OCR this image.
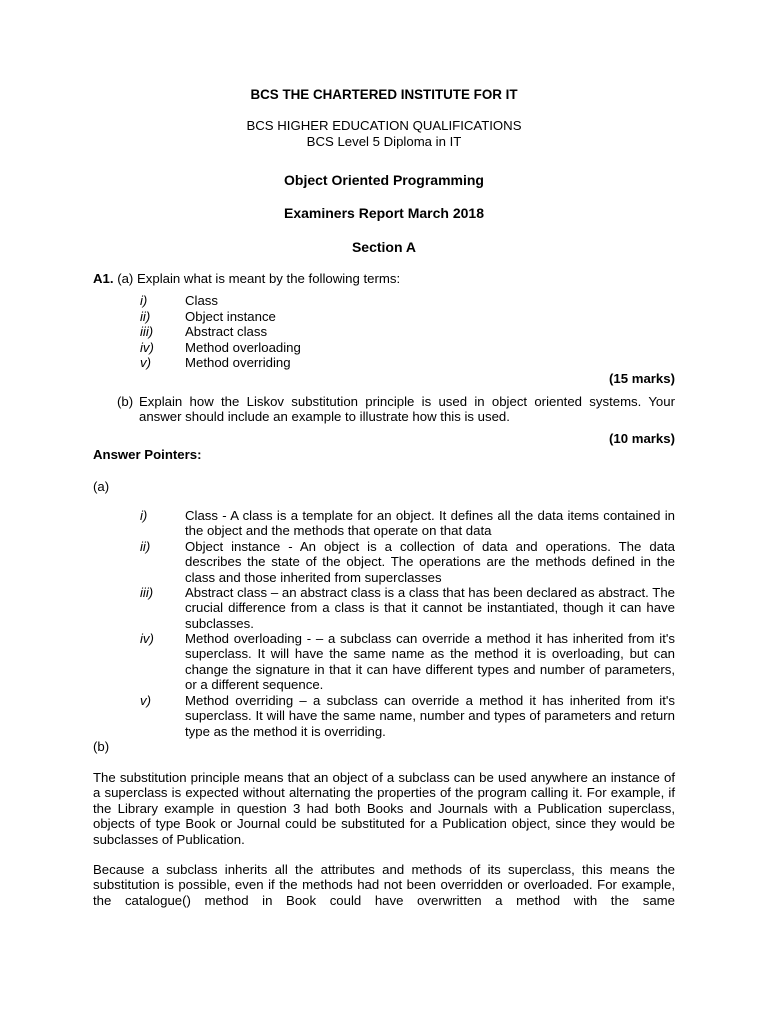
BCS THE CHARTERED INSTITUTE FOR IT
BCS HIGHER EDUCATION QUALIFICATIONS
BCS Level 5 Diploma in IT
Object Oriented Programming
Examiners Report March 2018
Section A
A1. (a) Explain what is meant by the following terms:
i)	Class
ii)	Object instance
iii) Abstract class
iv) Method overloading
v)	Method overriding
(15 marks)
(b) Explain how the Liskov substitution principle is used in object oriented systems. Your answer should include an example to illustrate how this is used.
(10 marks)
Answer Pointers:
(a)
i)	Class - A class is a template for an object. It defines all the data items contained in the object and the methods that operate on that data
ii)	Object instance - An object is a collection of data and operations. The data describes the state of the object. The operations are the methods defined in the class and those inherited from superclasses
iii) Abstract class – an abstract class is a class that has been declared as abstract. The crucial difference from a class is that it cannot be instantiated, though it can have subclasses.
iv) Method overloading - – a subclass can override a method it has inherited from it's superclass. It will have the same name as the method it is overloading, but can change the signature in that it can have different types and number of parameters, or a different sequence.
v)	Method overriding – a subclass can override a method it has inherited from it's superclass. It will have the same name, number and types of parameters and return type as the method it is overriding.
(b)
The substitution principle means that an object of a subclass can be used anywhere an instance of a superclass is expected without alternating the properties of the program calling it. For example, if the Library example in question 3 had both Books and Journals with a Publication superclass, objects of type Book or Journal could be substituted for a Publication object, since they would be subclasses of Publication.
Because a subclass inherits all the attributes and methods of its superclass, this means the substitution is possible, even if the methods had not been overridden or overloaded. For example, the catalogue() method in Book could have overwritten a method with the same
